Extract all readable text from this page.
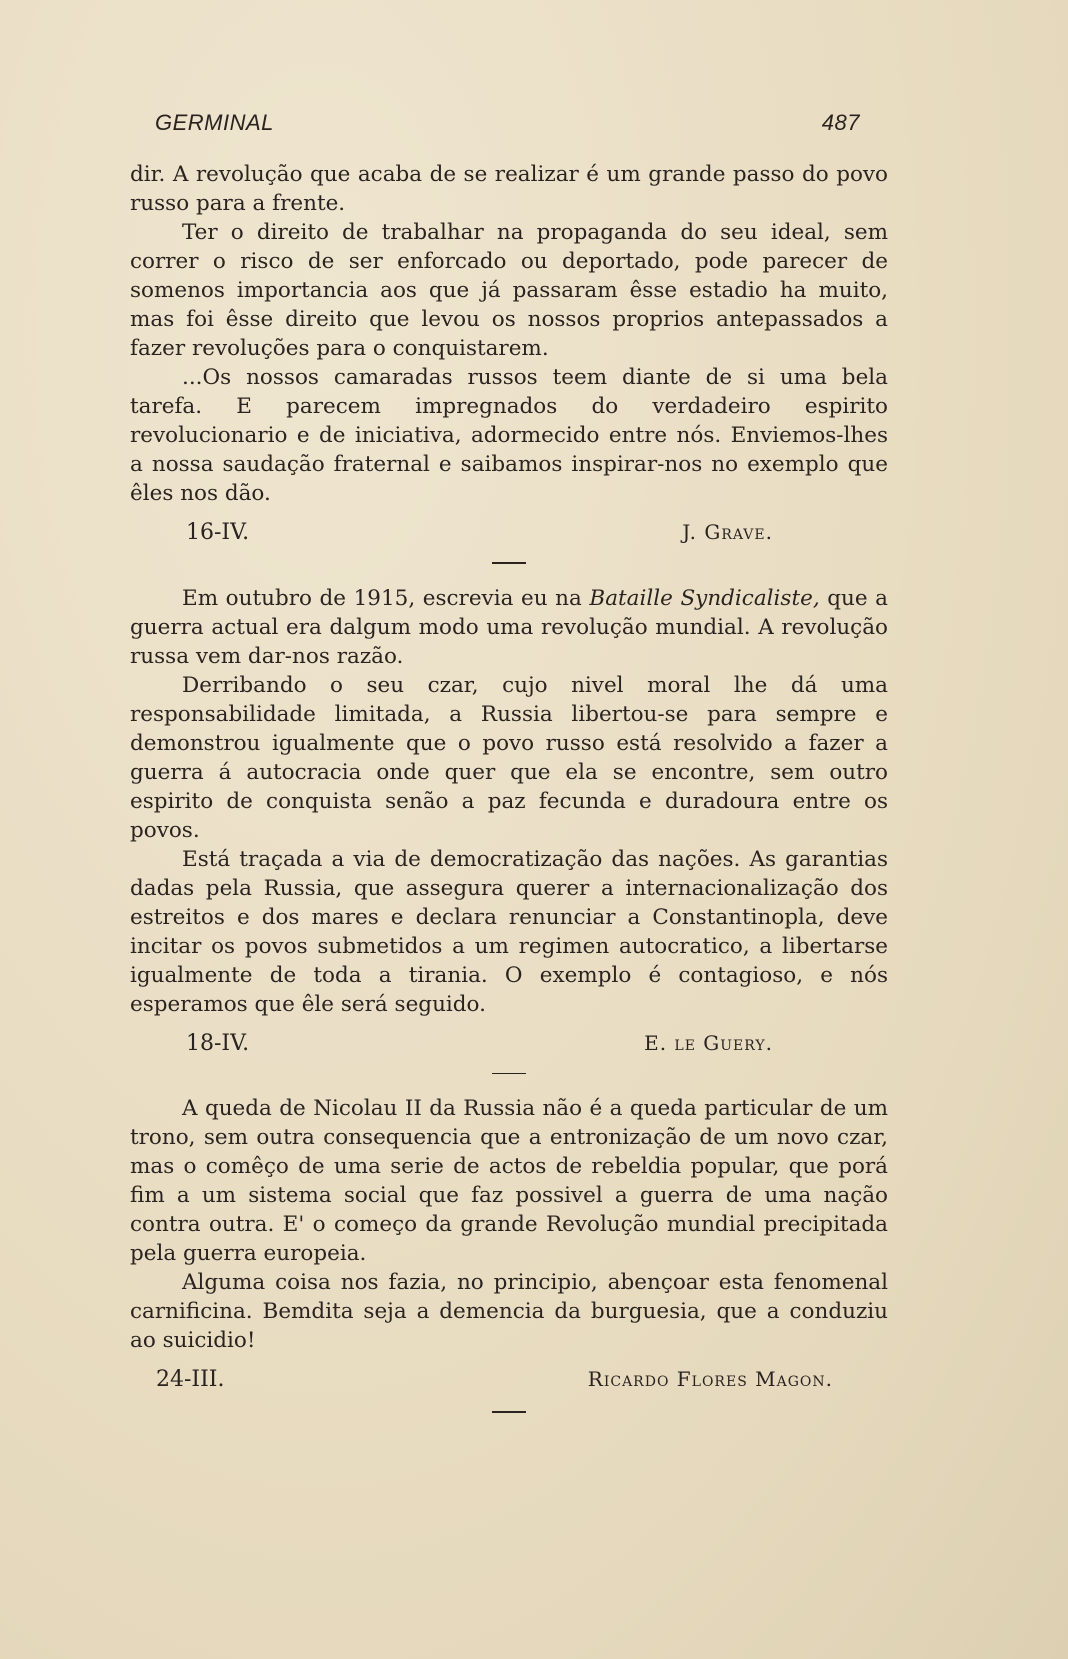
GERMINAL	487

dir. A revolução que acaba de se realizar é um grande passo do povo russo para a frente.

Ter o direito de trabalhar na propaganda do seu ideal, sem correr o risco de ser enforcado ou deportado, pode parecer de somenos importancia aos que já passaram êsse estadio ha muito, mas foi êsse direito que levou os nossos proprios antepassados a fazer revoluções para o conquistarem.

...Os nossos camaradas russos teem diante de si uma bela tarefa. E parecem impregnados do verdadeiro espirito revolucionario e de iniciativa, adormecido entre nós. Enviemos-lhes a nossa saudação fraternal e saibamos inspirar-nos no exemplo que êles nos dão.

16-IV.	J. Grave.

Em outubro de 1915, escrevia eu na Bataille Syndicaliste, que a guerra actual era dalgum modo uma revolução mundial. A revolução russa vem dar-nos razão.

Derribando o seu czar, cujo nivel moral lhe dá uma responsabilidade limitada, a Russia libertou-se para sempre e demonstrou igualmente que o povo russo está resolvido a fazer a guerra á autocracia onde quer que ela se encontre, sem outro espirito de conquista senão a paz fecunda e duradoura entre os povos.

Está traçada a via de democratização das nações. As garantias dadas pela Russia, que assegura querer a internacionalização dos estreitos e dos mares e declara renunciar a Constantinopla, deve incitar os povos submetidos a um regimen autocratico, a libertarse igualmente de toda a tirania. O exemplo é contagioso, e nós esperamos que êle será seguido.

18-IV.	E. le Guery.

A queda de Nicolau II da Russia não é a queda particular de um trono, sem outra consequencia que a entronização de um novo czar, mas o comêço de uma serie de actos de rebeldia popular, que porá fim a um sistema social que faz possivel a guerra de uma nação contra outra. E' o começo da grande Revolução mundial precipitada pela guerra europeia.

Alguma coisa nos fazia, no principio, abençoar esta fenomenal carnificina. Bemdita seja a demencia da burguesia, que a conduziu ao suicidio!

24-III.	Ricardo Flores Magon.
